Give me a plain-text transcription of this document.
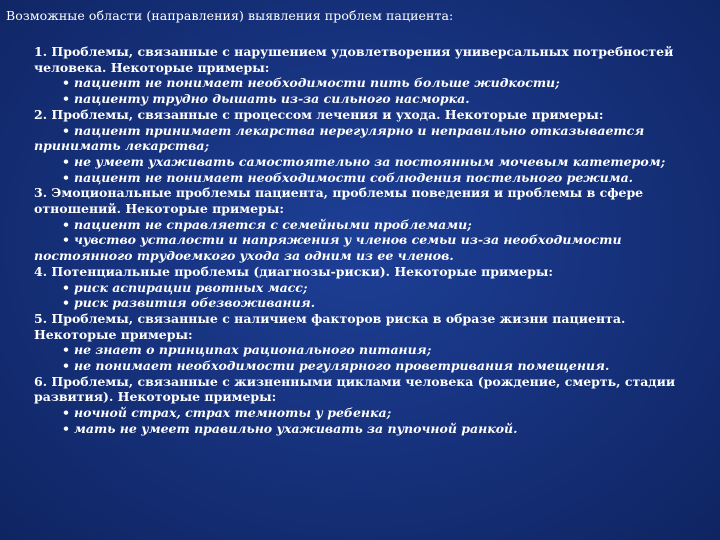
Возможные области (направления) выявления проблем пациента:

1. Проблемы, связанные с нарушением удовлетворения универсальных потребностей человека. Некоторые примеры:

• пациент не понимает необходимости пить больше жидкости;

• пациенту трудно дышать из-за сильного насморка.

2. Проблемы, связанные с процессом лечения и ухода. Некоторые примеры:

• пациент принимает лекарства нерегулярно и неправильно отказывается принимать лекарства;

• не умеет ухаживать самостоятельно за постоянным мочевым катетером;

• пациент не понимает необходимости соблюдения постельного режима.

3. Эмоциональные проблемы пациента, проблемы поведения и проблемы в сфере отношений. Некоторые примеры:

• пациент не справляется с семейными проблемами;

• чувство усталости и напряжения у членов семьи из-за необходимости постоянного трудоемкого ухода за одним из ее членов.

4. Потенциальные проблемы (диагнозы-риски). Некоторые примеры:

• риск аспирации рвотных масс;

• риск развития обезвоживания.

5. Проблемы, связанные с наличием факторов риска в образе жизни пациента. Некоторые примеры:

• не знает о принципах рационального питания;

• не понимает необходимости регулярного проветривания помещения.

6. Проблемы, связанные с жизненными циклами человека (рождение, смерть, стадии развития). Некоторые примеры:

• ночной страх, страх темноты у ребенка;

• мать не умеет правильно ухаживать за пупочной ранкой.
